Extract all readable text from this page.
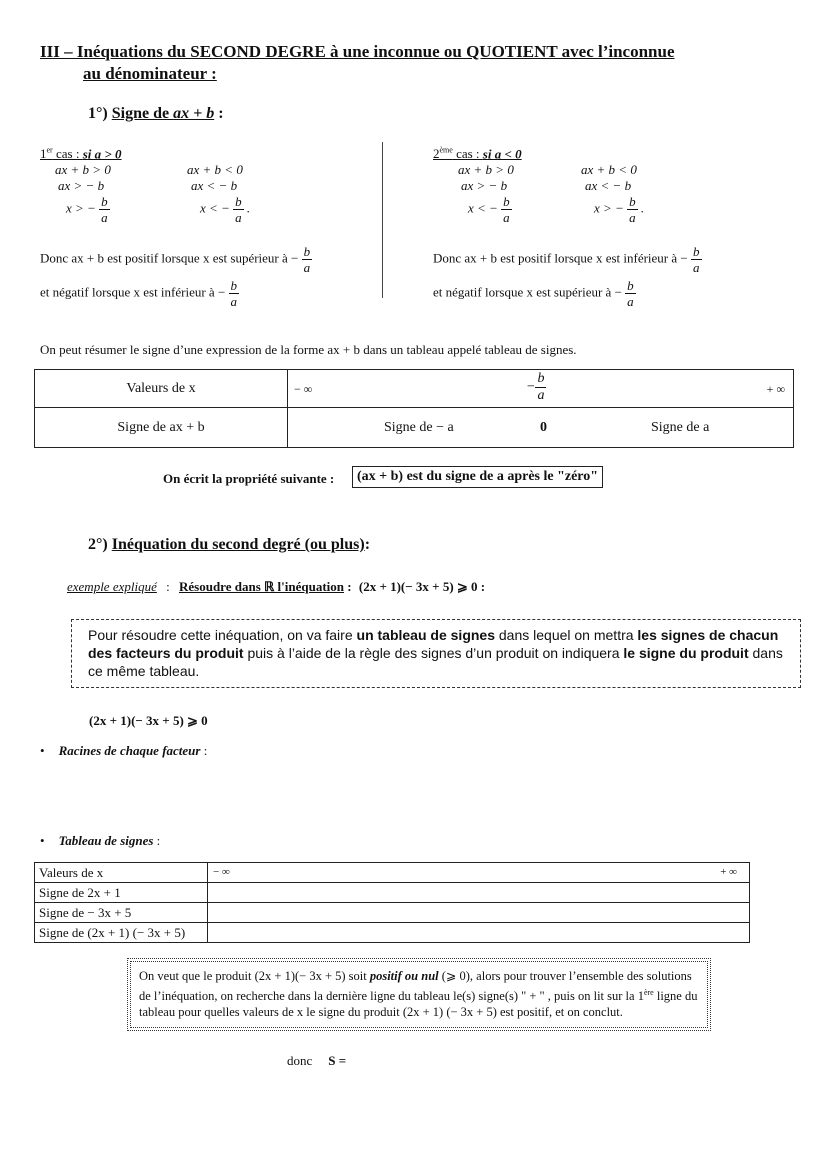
III – Inéquations du SECOND DEGRE à une inconnue ou QUOTIENT avec l’inconnue
au dénominateur :
1°) Signe de ax + b :
1er cas : si a > 0
ax + b > 0	ax + b < 0
ax > − b	ax < − b
x > − $\frac{b}{a}$	x < − $\frac{b}{a}$ .
Donc ax + b est positif lorsque x est supérieur à − $\frac{b}{a}$
et négatif lorsque x est inférieur à − $\frac{b}{a}$
2ème cas : si a < 0
ax + b > 0	ax + b < 0
ax > − b	ax < − b
x < − $\frac{b}{a}$	x > − $\frac{b}{a}$ .
Donc ax + b est positif lorsque x est inférieur à − $\frac{b}{a}$
et négatif lorsque x est supérieur à − $\frac{b}{a}$
On peut résumer le signe d’une expression de la forme ax + b dans un tableau appelé tableau de signes.
Valeurs de x	− ∞ − $\frac{b}{a}$ + ∞

Signe de ax + b	Signe de − a 0 Signe de a
On écrit la propriété suivante :	(ax + b) est du signe de a après le "zéro"
2°) Inéquation du second degré (ou plus):
exemple expliqué : Résoudre dans ℝ l'inéquation : (2x + 1)(− 3x + 5) ⩾ 0 :
Pour résoudre cette inéquation, on va faire un tableau de signes dans lequel on mettra les signes de chacun des facteurs du produit puis à l’aide de la règle des signes d’un produit on indiquera le signe du produit dans ce même tableau.
(2x + 1)(− 3x + 5) ⩾ 0
• Racines de chaque facteur :
• Tableau de signes :
Valeurs de x	− ∞ + ∞

Signe de 2x + 1	
Signe de − 3x + 5	
Signe de (2x + 1) (− 3x + 5)	
On veut que le produit (2x + 1)(− 3x + 5) soit positif ou nul (⩾ 0), alors pour trouver l’ensemble des solutions de l’inéquation, on recherche dans la dernière ligne du tableau le(s) signe(s) " + " , puis on lit sur la 1ère ligne du tableau pour quelles valeurs de x le signe du produit (2x + 1) (− 3x + 5) est positif, et on conclut.
donc S =
